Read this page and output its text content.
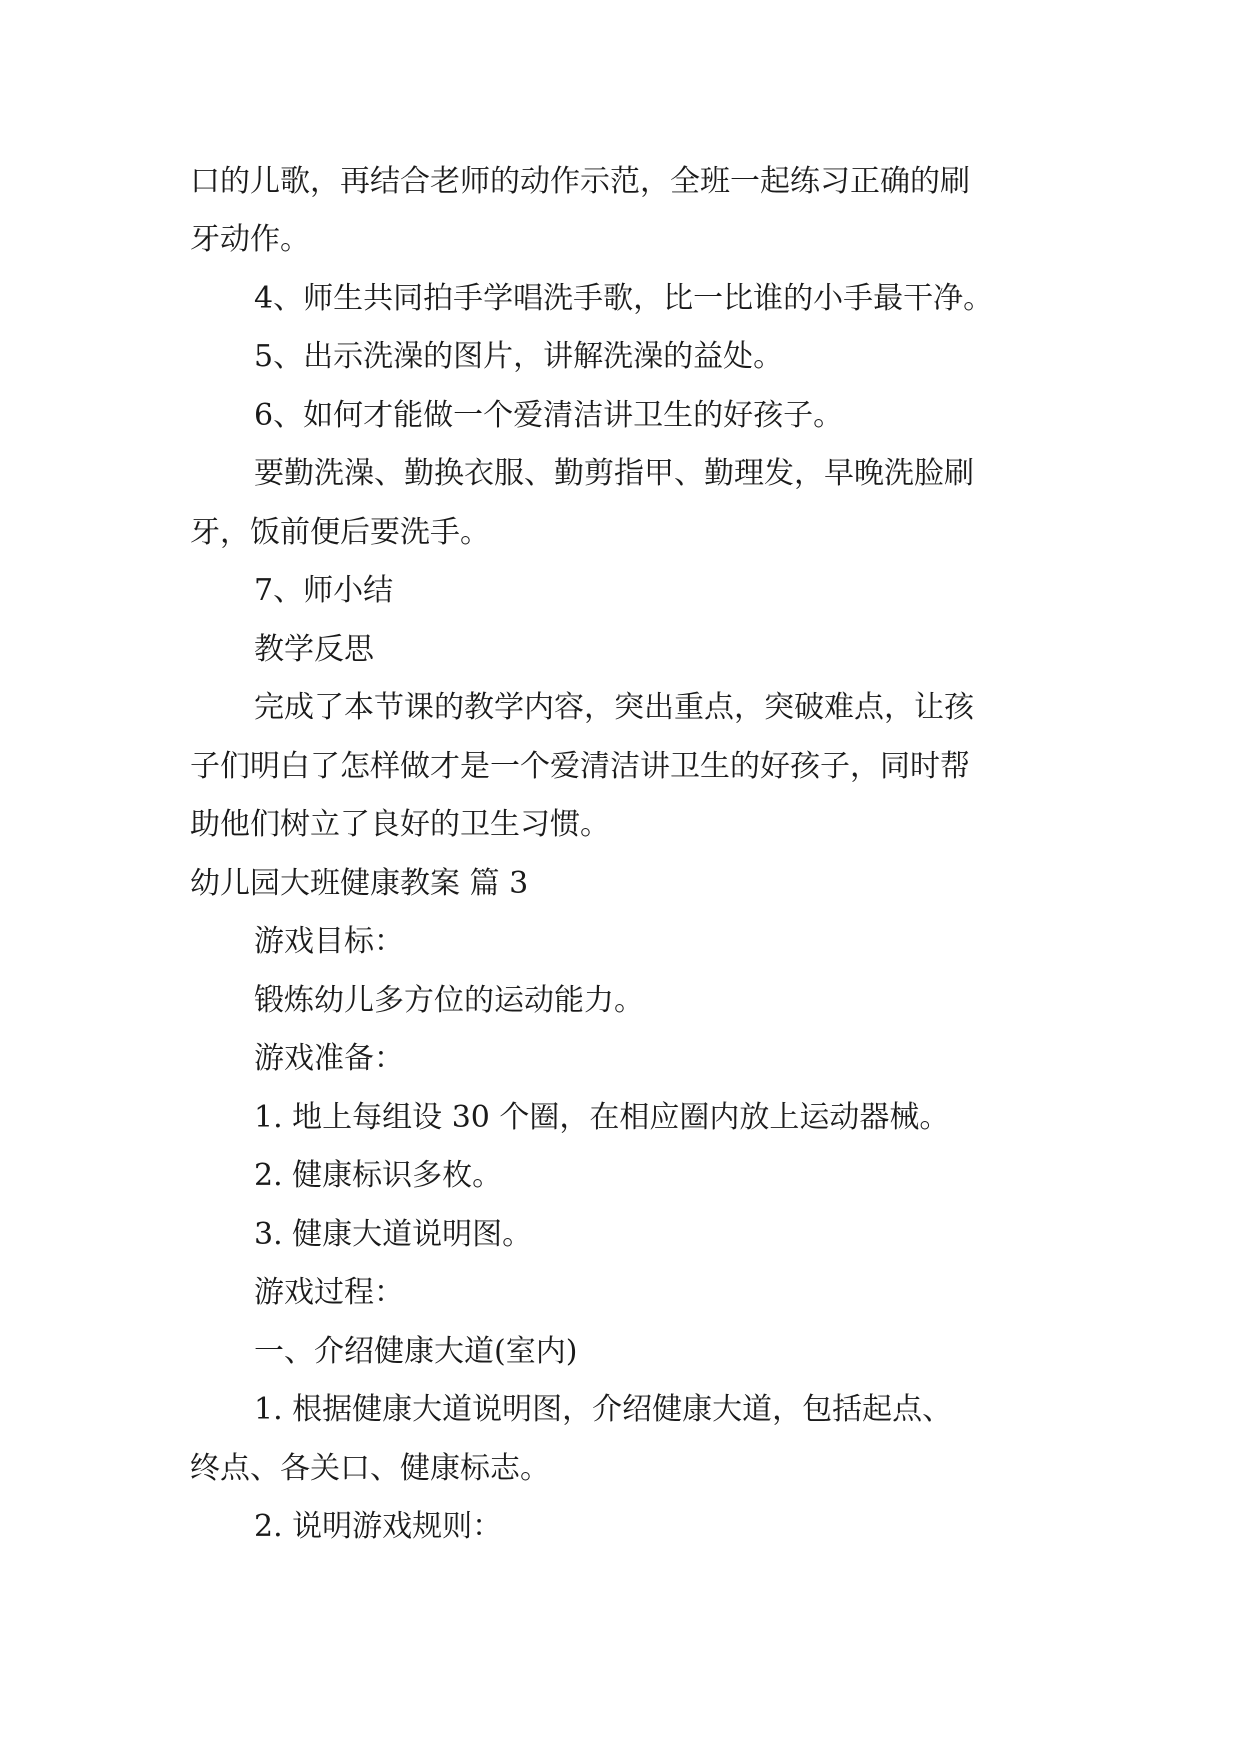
口的儿歌，再结合老师的动作示范，全班一起练习正确的刷
牙动作。
4、师生共同拍手学唱洗手歌，比一比谁的小手最干净。
5、出示洗澡的图片，讲解洗澡的益处。
6、如何才能做一个爱清洁讲卫生的好孩子。
要勤洗澡、勤换衣服、勤剪指甲、勤理发，早晚洗脸刷
牙，饭前便后要洗手。
7、师小结
教学反思
完成了本节课的教学内容，突出重点，突破难点，让孩
子们明白了怎样做才是一个爱清洁讲卫生的好孩子，同时帮
助他们树立了良好的卫生习惯。
幼儿园大班健康教案 篇 3
游戏目标：
锻炼幼儿多方位的运动能力。
游戏准备：
1. 地上每组设 30 个圈，在相应圈内放上运动器械。
2. 健康标识多枚。
3. 健康大道说明图。
游戏过程：
一、介绍健康大道(室内)
1. 根据健康大道说明图，介绍健康大道，包括起点、
终点、各关口、健康标志。
2. 说明游戏规则：
